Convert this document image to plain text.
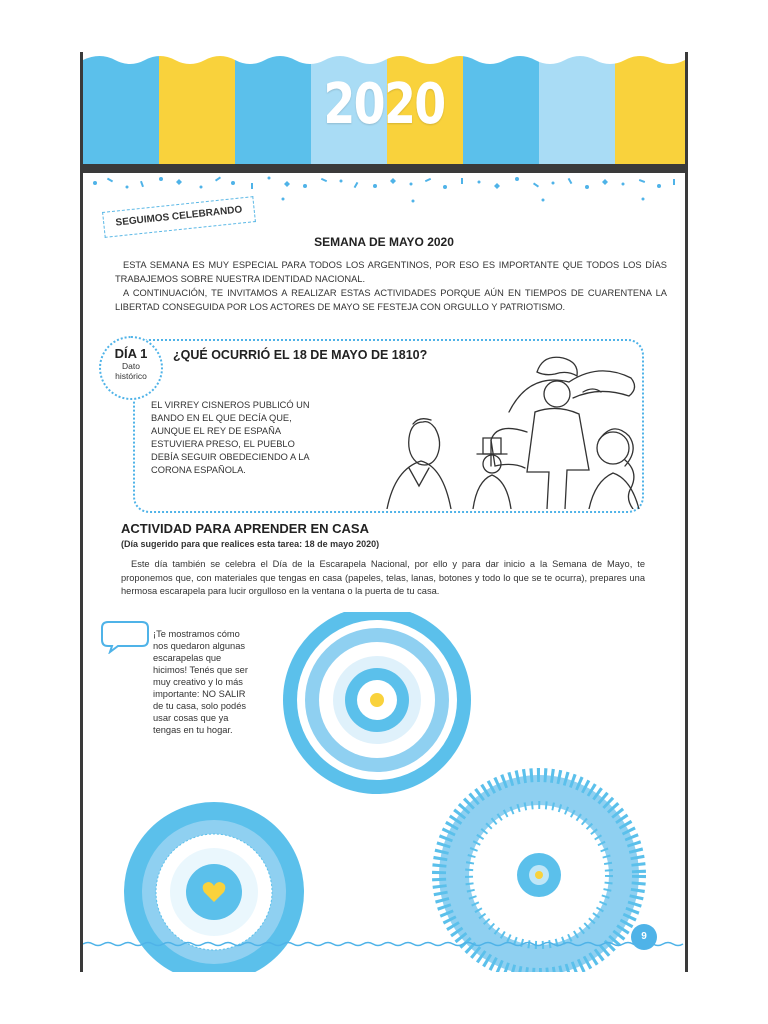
2020
SEGUIMOS CELEBRANDO
SEMANA DE MAYO 2020

ESTA SEMANA ES MUY ESPECIAL PARA TODOS LOS ARGENTINOS, POR ESO ES IMPORTANTE QUE TODOS LOS DÍAS TRABAJEMOS SOBRE NUESTRA IDENTIDAD NACIONAL.

A CONTINUACIÓN, TE INVITAMOS A REALIZAR ESTAS ACTIVIDADES PORQUE AÚN EN TIEMPOS DE CUARENTENA LA LIBERTAD CONSEGUIDA POR LOS ACTORES DE MAYO SE FESTEJA CON ORGULLO Y PATRIOTISMO.

DÍA 1
Dato
histórico
¿QUÉ OCURRIÓ EL 18 DE MAYO DE 1810?
EL VIRREY CISNEROS PUBLICÓ UN BANDO EN EL QUE DECÍA QUE, AUNQUE EL REY DE ESPAÑA ESTUVIERA PRESO, EL PUEBLO DEBÍA SEGUIR OBEDECIENDO A LA CORONA ESPAÑOLA.
ACTIVIDAD PARA APRENDER EN CASA
(Día sugerido para que realices esta tarea: 18 de mayo 2020)
Este día también se celebra el Día de la Escarapela Nacional, por ello y para dar inicio a la Semana de Mayo, te proponemos que, con materiales que tengas en casa (papeles, telas, lanas, botones y todo lo que se te ocurra), prepares una hermosa escarapela para lucir orgulloso en la ventana o la puerta de tu casa.
¡Te mostramos cómo nos quedaron algunas escarapelas que hicimos! Tenés que ser muy creativo y lo más importante: NO SALIR de tu casa, solo podés usar cosas que ya tengas en tu hogar.
9
